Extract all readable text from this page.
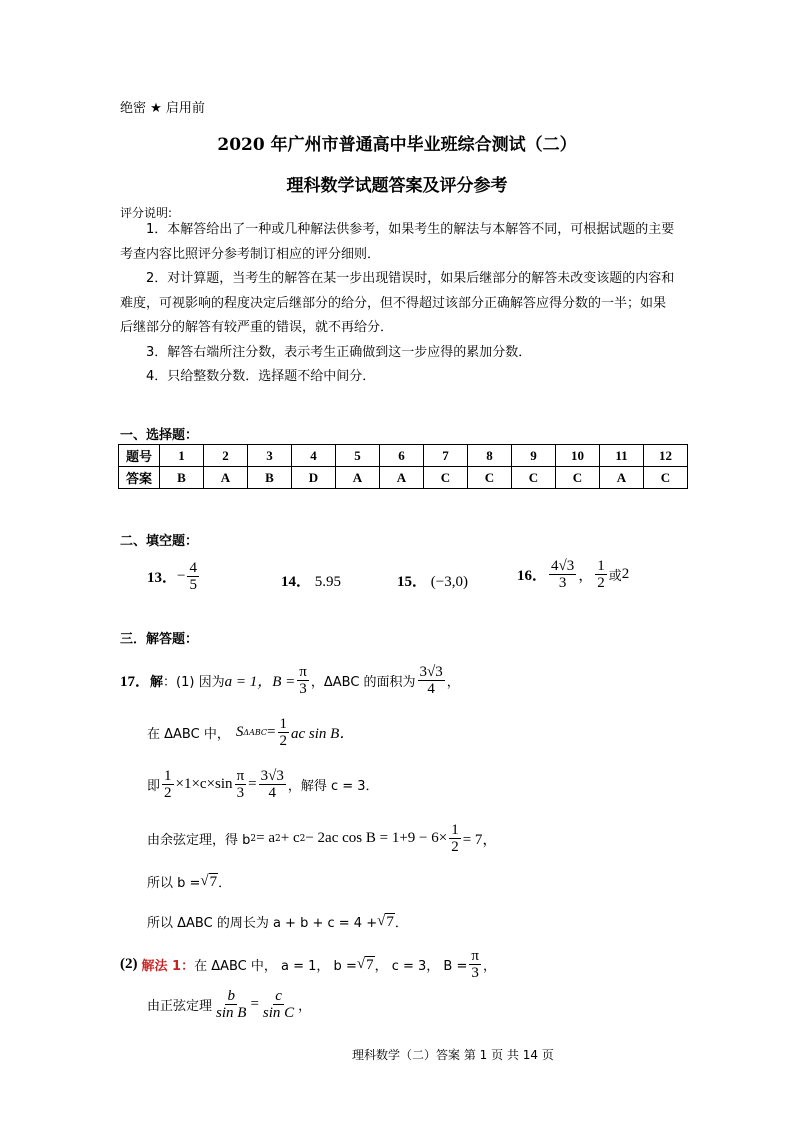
绝密 ★ 启用前
2020 年广州市普通高中毕业班综合测试（二）
理科数学试题答案及评分参考
评分说明:

1．本解答给出了一种或几种解法供参考，如果考生的解法与本解答不同，可根据试题的主要考查内容比照评分参考制订相应的评分细则．

2．对计算题，当考生的解答在某一步出现错误时，如果后继部分的解答未改变该题的内容和难度，可视影响的程度决定后继部分的给分，但不得超过该部分正确解答应得分数的一半；如果后继部分的解答有较严重的错误，就不再给分．

3．解答右端所注分数，表示考生正确做到这一步应得的累加分数．

4．只给整数分数．选择题不给中间分．

一、选择题：
题号	1	2	3	4	5	6	7	8	9	10	11	12
答案	B	A	B	D	A	A	C	C	C	C	A	C
二、填空题：
13． − $\frac{4}{5}$	14． 5.95	15． (−3,0)	16． $\frac{4√3}{3}$ ， $\frac{1}{2}$ 或 2
三．解答题：
17． 解 ：(1) 因为 a = 1，$B = \frac{\pi}{3}$ ，ΔABC 的面积为 $\frac{3√3}{4}$ ，
在 ΔABC 中， S $\Delta ABC = \frac{1}{2}$ ac sin B．
即 $\frac{1}{2} \times 1\times c\times\sin \frac{\pi}{3} = \frac{3√3}{4}$ ，解得 c = 3．
由余弦定理，得 b 2 = a 2 + c 2 − 2ac $\cos B = 1+9 - 6\times \frac{1}{2} = 7$，
所以 b = √ 7 ．
所以 ΔABC 的周长为 a + b + c = 4 + √ 7 ．
(2) 解法 1： 在 ΔABC 中， a = 1， b = √ 7 ， c = 3， $B = \frac{\pi}{3}$ ，
由正弦定理 $\frac{b}{\text{sin B}} = \frac{c}{\text{sin C}}$ ，
理科数学（二）答案 第 1 页 共 14 页
